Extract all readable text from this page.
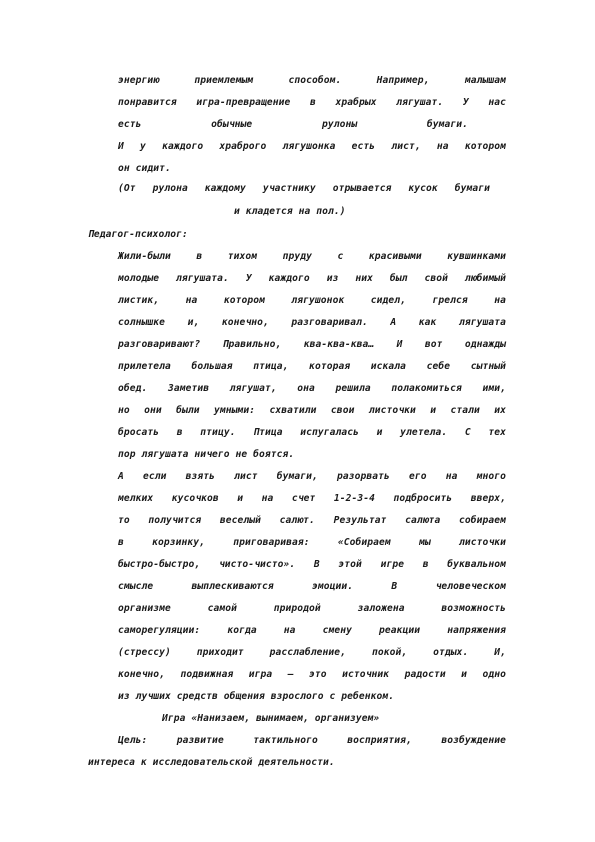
энергию приемлемым способом. Например, малышам
понравится игра-превращение в храбрых лягушат. У нас
есть	обычные	рулоны	бумаги.
И у каждого храброго лягушонка есть лист, на котором
он сидит.
(От рулона каждому участнику отрывается кусок бумаги
и кладется на пол.)
Педагог-психолог:
Жили-были в тихом пруду с красивыми кувшинками
молодые лягушата. У каждого из них был свой любимый
листик, на котором лягушонок сидел, грелся на
солнышке и, конечно, разговаривал. А как лягушата
разговаривают? Правильно, ква-ква-ква… И вот однажды
прилетела большая птица, которая искала себе сытный
обед. Заметив лягушат, она решила полакомиться ими,
но они были умными: схватили свои листочки и стали их
бросать в птицу. Птица испугалась и улетела. С тех
пор лягушата ничего не боятся.
А если взять лист бумаги, разорвать его на много
мелких кусочков и на счет 1-2-3-4 подбросить вверх,
то получится веселый салют. Результат салюта собираем
в корзинку, приговаривая: «Собираем мы листочки
быстро-быстро, чисто-чисто». В этой игре в буквальном
смысле выплескиваются эмоции. В человеческом
организме самой природой заложена возможность
саморегуляции: когда на смену реакции напряжения
(стрессу) приходит расслабление, покой, отдых. И,
конечно, подвижная игра – это источник радости и одно
из лучших средств общения взрослого с ребенком.
Игра «Нанизаем, вынимаем, организуем»
Цель: развитие тактильного восприятия, возбуждение
интереса к исследовательской деятельности.
